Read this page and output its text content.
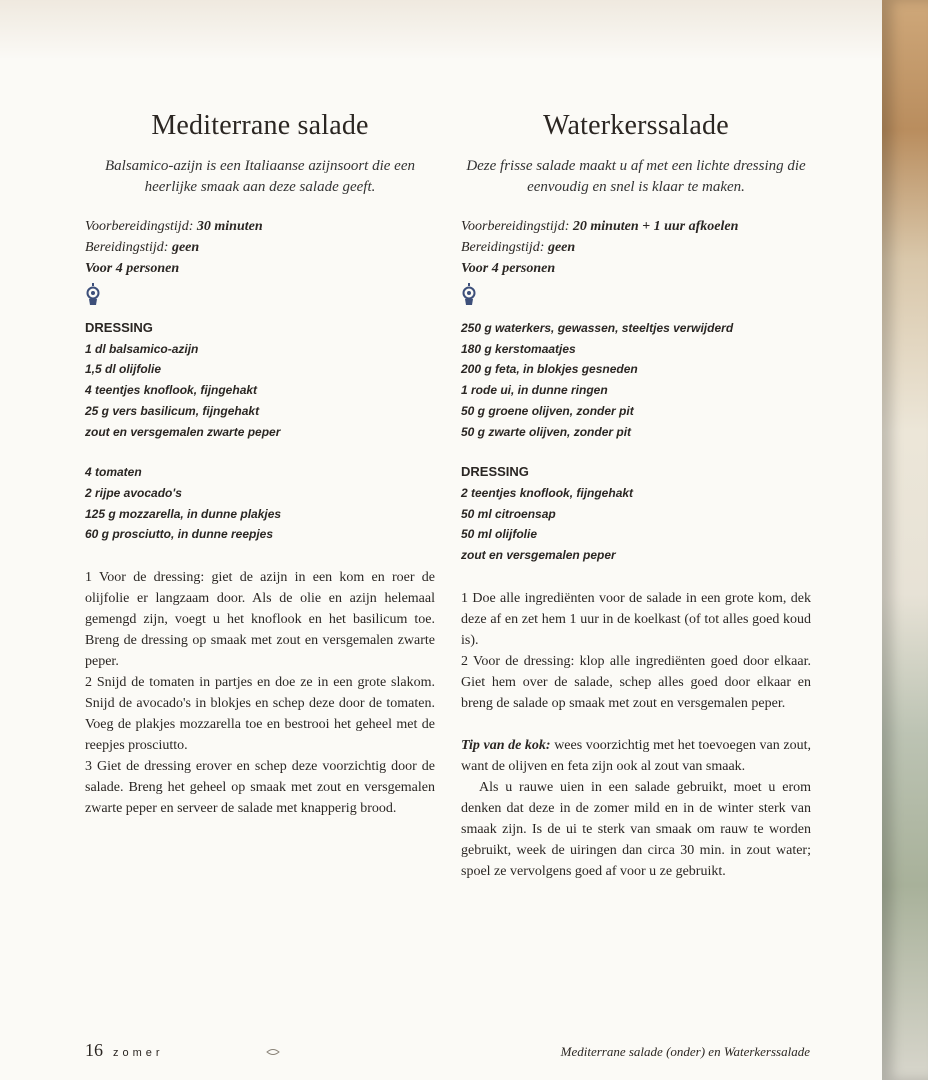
Mediterrane salade

Balsamico-azijn is een Italiaanse azijnsoort die een heerlijke smaak aan deze salade geeft.

Voorbereidingstijd: 30 minuten
Bereidingstijd: geen
Voor 4 personen
DRESSING
1 dl balsamico-azijn
1,5 dl olijfolie
4 teentjes knoflook, fijngehakt
25 g vers basilicum, fijngehakt
zout en versgemalen zwarte peper
4 tomaten
2 rijpe avocado's
125 g mozzarella, in dunne plakjes
60 g prosciutto, in dunne reepjes

1 Voor de dressing: giet de azijn in een kom en roer de olijfolie er langzaam door. Als de olie en azijn helemaal gemengd zijn, voegt u het knoflook en het basilicum toe. Breng de dressing op smaak met zout en versgemalen zwarte peper.

2 Snijd de tomaten in partjes en doe ze in een grote slakom. Snijd de avocado's in blokjes en schep deze door de tomaten. Voeg de plakjes mozzarella toe en bestrooi het geheel met de reepjes prosciutto.

3 Giet de dressing erover en schep deze voorzichtig door de salade. Breng het geheel op smaak met zout en versgemalen zwarte peper en serveer de salade met knapperig brood.

Waterkerssalade

Deze frisse salade maakt u af met een lichte dressing die eenvoudig en snel is klaar te maken.

Voorbereidingstijd: 20 minuten + 1 uur afkoelen
Bereidingstijd: geen
Voor 4 personen
250 g waterkers, gewassen, steeltjes verwijderd
180 g kerstomaatjes
200 g feta, in blokjes gesneden
1 rode ui, in dunne ringen
50 g groene olijven, zonder pit
50 g zwarte olijven, zonder pit
DRESSING
2 teentjes knoflook, fijngehakt
50 ml citroensap
50 ml olijfolie
zout en versgemalen peper

1 Doe alle ingrediënten voor de salade in een grote kom, dek deze af en zet hem 1 uur in de koelkast (of tot alles goed koud is).

2 Voor de dressing: klop alle ingrediënten goed door elkaar. Giet hem over de salade, schep alles goed door elkaar en breng de salade op smaak met zout en versgemalen peper.

Tip van de kok: wees voorzichtig met het toevoegen van zout, want de olijven en feta zijn ook al zout van smaak.

Als u rauwe uien in een salade gebruikt, moet u erom denken dat deze in de zomer mild en in de winter sterk van smaak zijn. Is de ui te sterk van smaak om rauw te worden gebruikt, week de uiringen dan circa 30 min. in zout water; spoel ze vervolgens goed af voor u ze gebruikt.

16 zomer	Mediterrane salade (onder) en Waterkerssalade
